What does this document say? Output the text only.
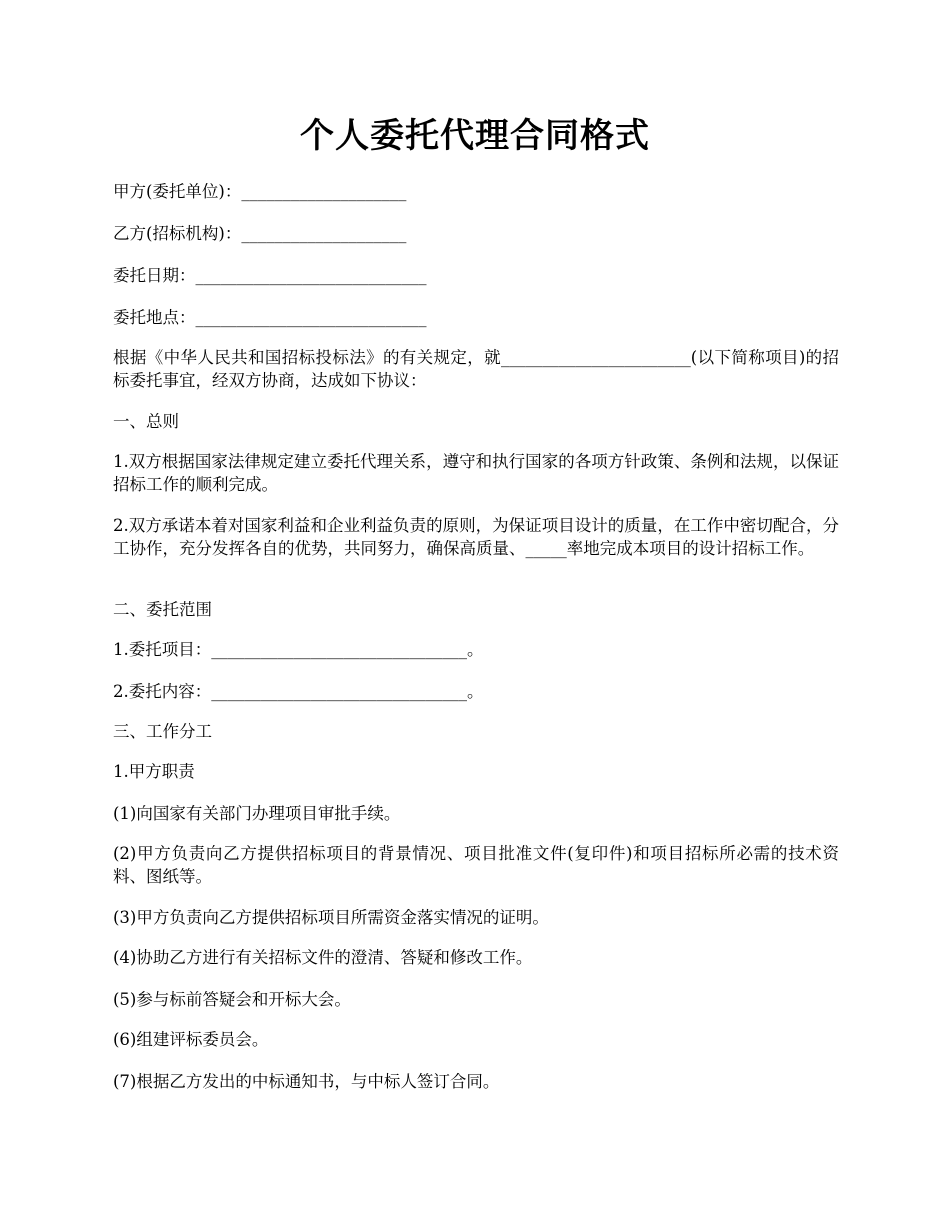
个人委托代理合同格式

甲方(委托单位)：____________________

乙方(招标机构)：____________________

委托日期：____________________________

委托地点：____________________________

根据《中华人民共和国招标投标法》的有关规定，就_______________________(以下简称项目)的招标委托事宜，经双方协商，达成如下协议：

一、总则

1.双方根据国家法律规定建立委托代理关系，遵守和执行国家的各项方针政策、条例和法规，以保证招标工作的顺利完成。

2.双方承诺本着对国家利益和企业利益负责的原则，为保证项目设计的质量，在工作中密切配合，分工协作，充分发挥各自的优势，共同努力，确保高质量、_____率地完成本项目的设计招标工作。

二、委托范围

1.委托项目：_______________________________。

2.委托内容：_______________________________。

三、工作分工

1.甲方职责

(1)向国家有关部门办理项目审批手续。

(2)甲方负责向乙方提供招标项目的背景情况、项目批准文件(复印件)和项目招标所必需的技术资料、图纸等。

(3)甲方负责向乙方提供招标项目所需资金落实情况的证明。

(4)协助乙方进行有关招标文件的澄清、答疑和修改工作。

(5)参与标前答疑会和开标大会。

(6)组建评标委员会。

(7)根据乙方发出的中标通知书，与中标人签订合同。
